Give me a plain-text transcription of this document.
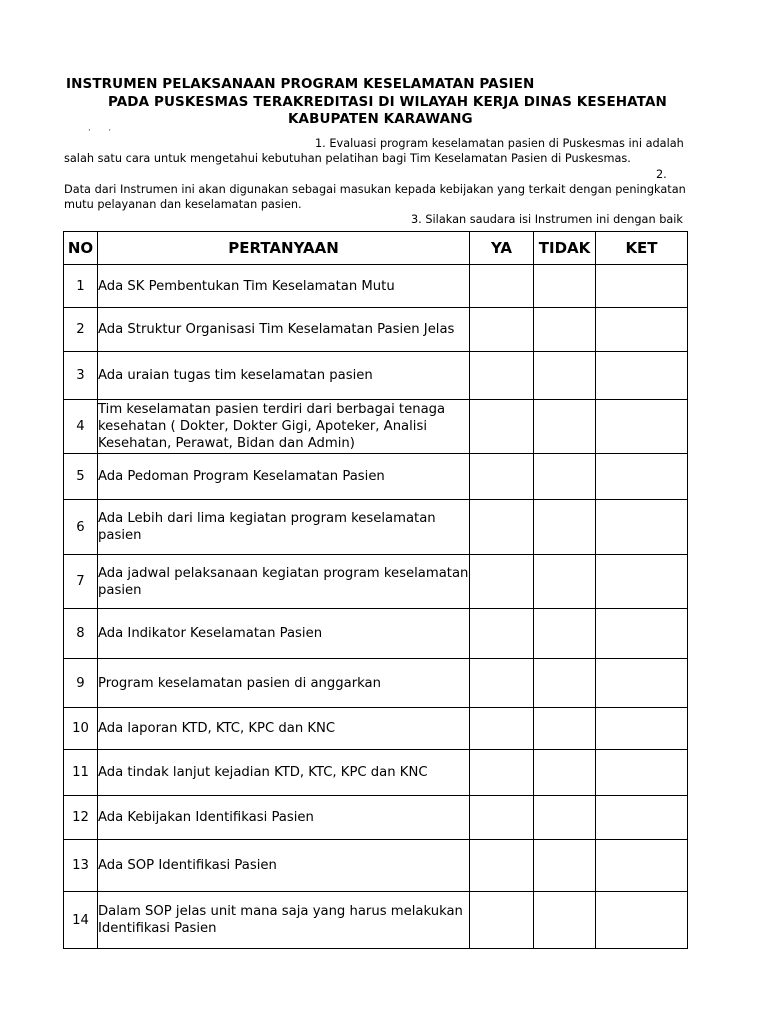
INSTRUMEN PELAKSANAAN PROGRAM KESELAMATAN PASIEN
PADA PUSKESMAS TERAKREDITASI DI WILAYAH KERJA DINAS KESEHATAN
KABUPATEN KARAWANG
’       ’
1. Evaluasi program keselamatan pasien di Puskesmas ini adalah
salah satu cara untuk mengetahui kebutuhan pelatihan bagi Tim Keselamatan Pasien di Puskesmas.
2.
Data dari Instrumen ini akan digunakan sebagai masukan kepada kebijakan yang terkait dengan peningkatan
mutu pelayanan dan keselamatan pasien.
3. Silakan saudara isi Instrumen ini dengan baik
NO	PERTANYAAN	YA	TIDAK	KET
1	Ada SK Pembentukan Tim Keselamatan Mutu			
2	Ada Struktur Organisasi Tim Keselamatan Pasien Jelas			
3	Ada uraian tugas tim keselamatan pasien			
4	Tim keselamatan pasien terdiri dari berbagai tenaga kesehatan ( Dokter, Dokter Gigi, Apoteker, Analisi Kesehatan, Perawat, Bidan dan Admin)			
5	Ada Pedoman Program Keselamatan Pasien			
6	Ada Lebih dari lima kegiatan program keselamatan pasien			
7	Ada jadwal pelaksanaan kegiatan program keselamatan pasien			
8	Ada Indikator Keselamatan Pasien			
9	Program keselamatan pasien di anggarkan			
10	Ada laporan KTD, KTC, KPC dan KNC			
11	Ada tindak lanjut kejadian KTD, KTC, KPC dan KNC			
12	Ada Kebijakan Identifikasi Pasien			
13	Ada SOP Identifikasi Pasien			
14	Dalam SOP jelas unit mana saja yang harus melakukan Identifikasi Pasien			
